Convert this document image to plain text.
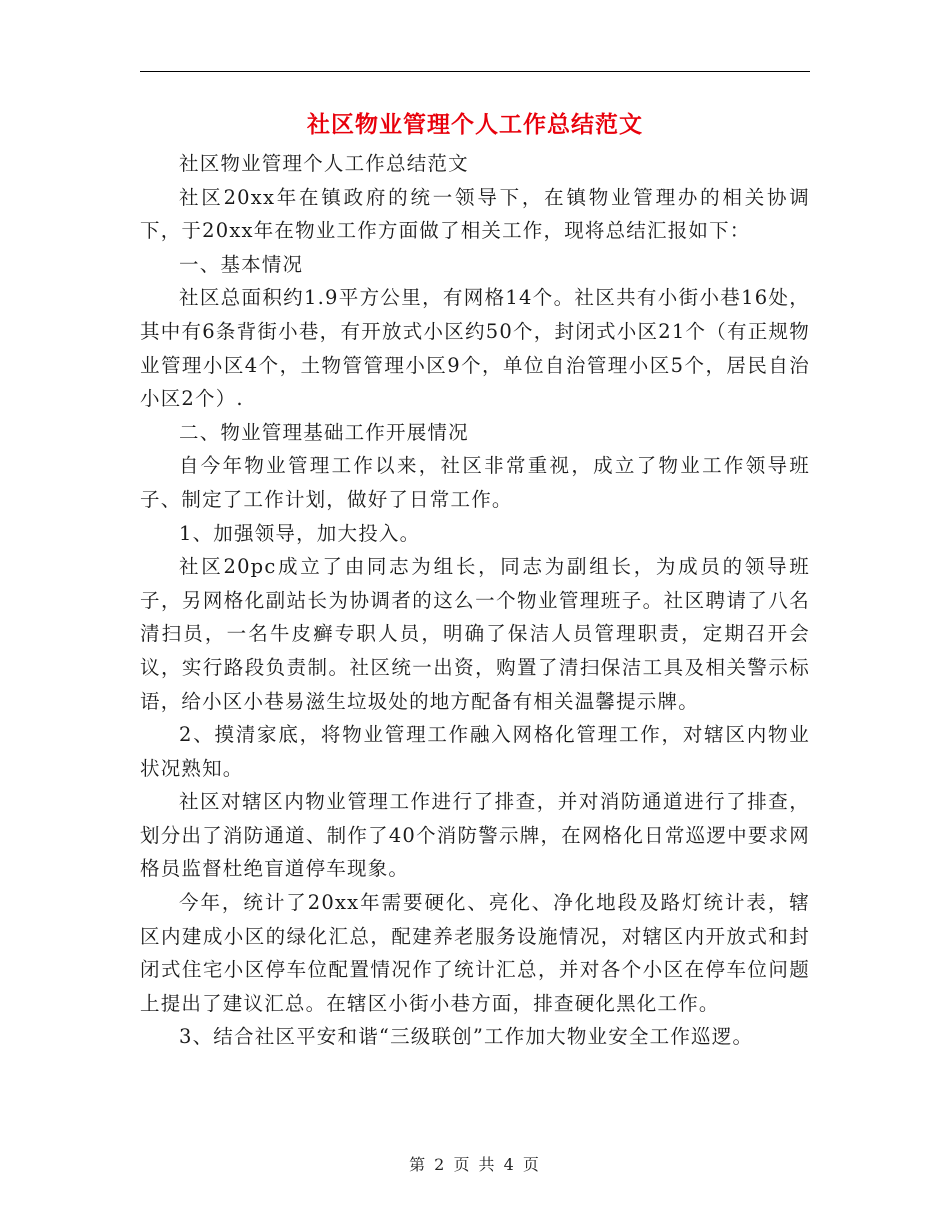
社区物业管理个人工作总结范文

社区物业管理个人工作总结范文

社区20xx年在镇政府的统一领导下，在镇物业管理办的相关协调下，于20xx年在物业工作方面做了相关工作，现将总结汇报如下：

一、基本情况

社区总面积约1.9平方公里，有网格14个。社区共有小街小巷16处，其中有6条背街小巷，有开放式小区约50个，封闭式小区21个（有正规物业管理小区4个，土物管管理小区9个，单位自治管理小区5个，居民自治小区2个）.

二、物业管理基础工作开展情况

自今年物业管理工作以来，社区非常重视，成立了物业工作领导班子、制定了工作计划，做好了日常工作。

1、加强领导，加大投入。

社区20pc成立了由同志为组长，同志为副组长，为成员的领导班子，另网格化副站长为协调者的这么一个物业管理班子。社区聘请了八名清扫员，一名牛皮癣专职人员，明确了保洁人员管理职责，定期召开会议，实行路段负责制。社区统一出资，购置了清扫保洁工具及相关警示标语，给小区小巷易滋生垃圾处的地方配备有相关温馨提示牌。

2、摸清家底，将物业管理工作融入网格化管理工作，对辖区内物业状况熟知。

社区对辖区内物业管理工作进行了排查，并对消防通道进行了排查，划分出了消防通道、制作了40个消防警示牌，在网格化日常巡逻中要求网格员监督杜绝盲道停车现象。

今年，统计了20xx年需要硬化、亮化、净化地段及路灯统计表，辖区内建成小区的绿化汇总，配建养老服务设施情况，对辖区内开放式和封闭式住宅小区停车位配置情况作了统计汇总，并对各个小区在停车位问题上提出了建议汇总。在辖区小街小巷方面，排查硬化黑化工作。

3、结合社区平安和谐“三级联创”工作加大物业安全工作巡逻。

第 2 页 共 4 页
